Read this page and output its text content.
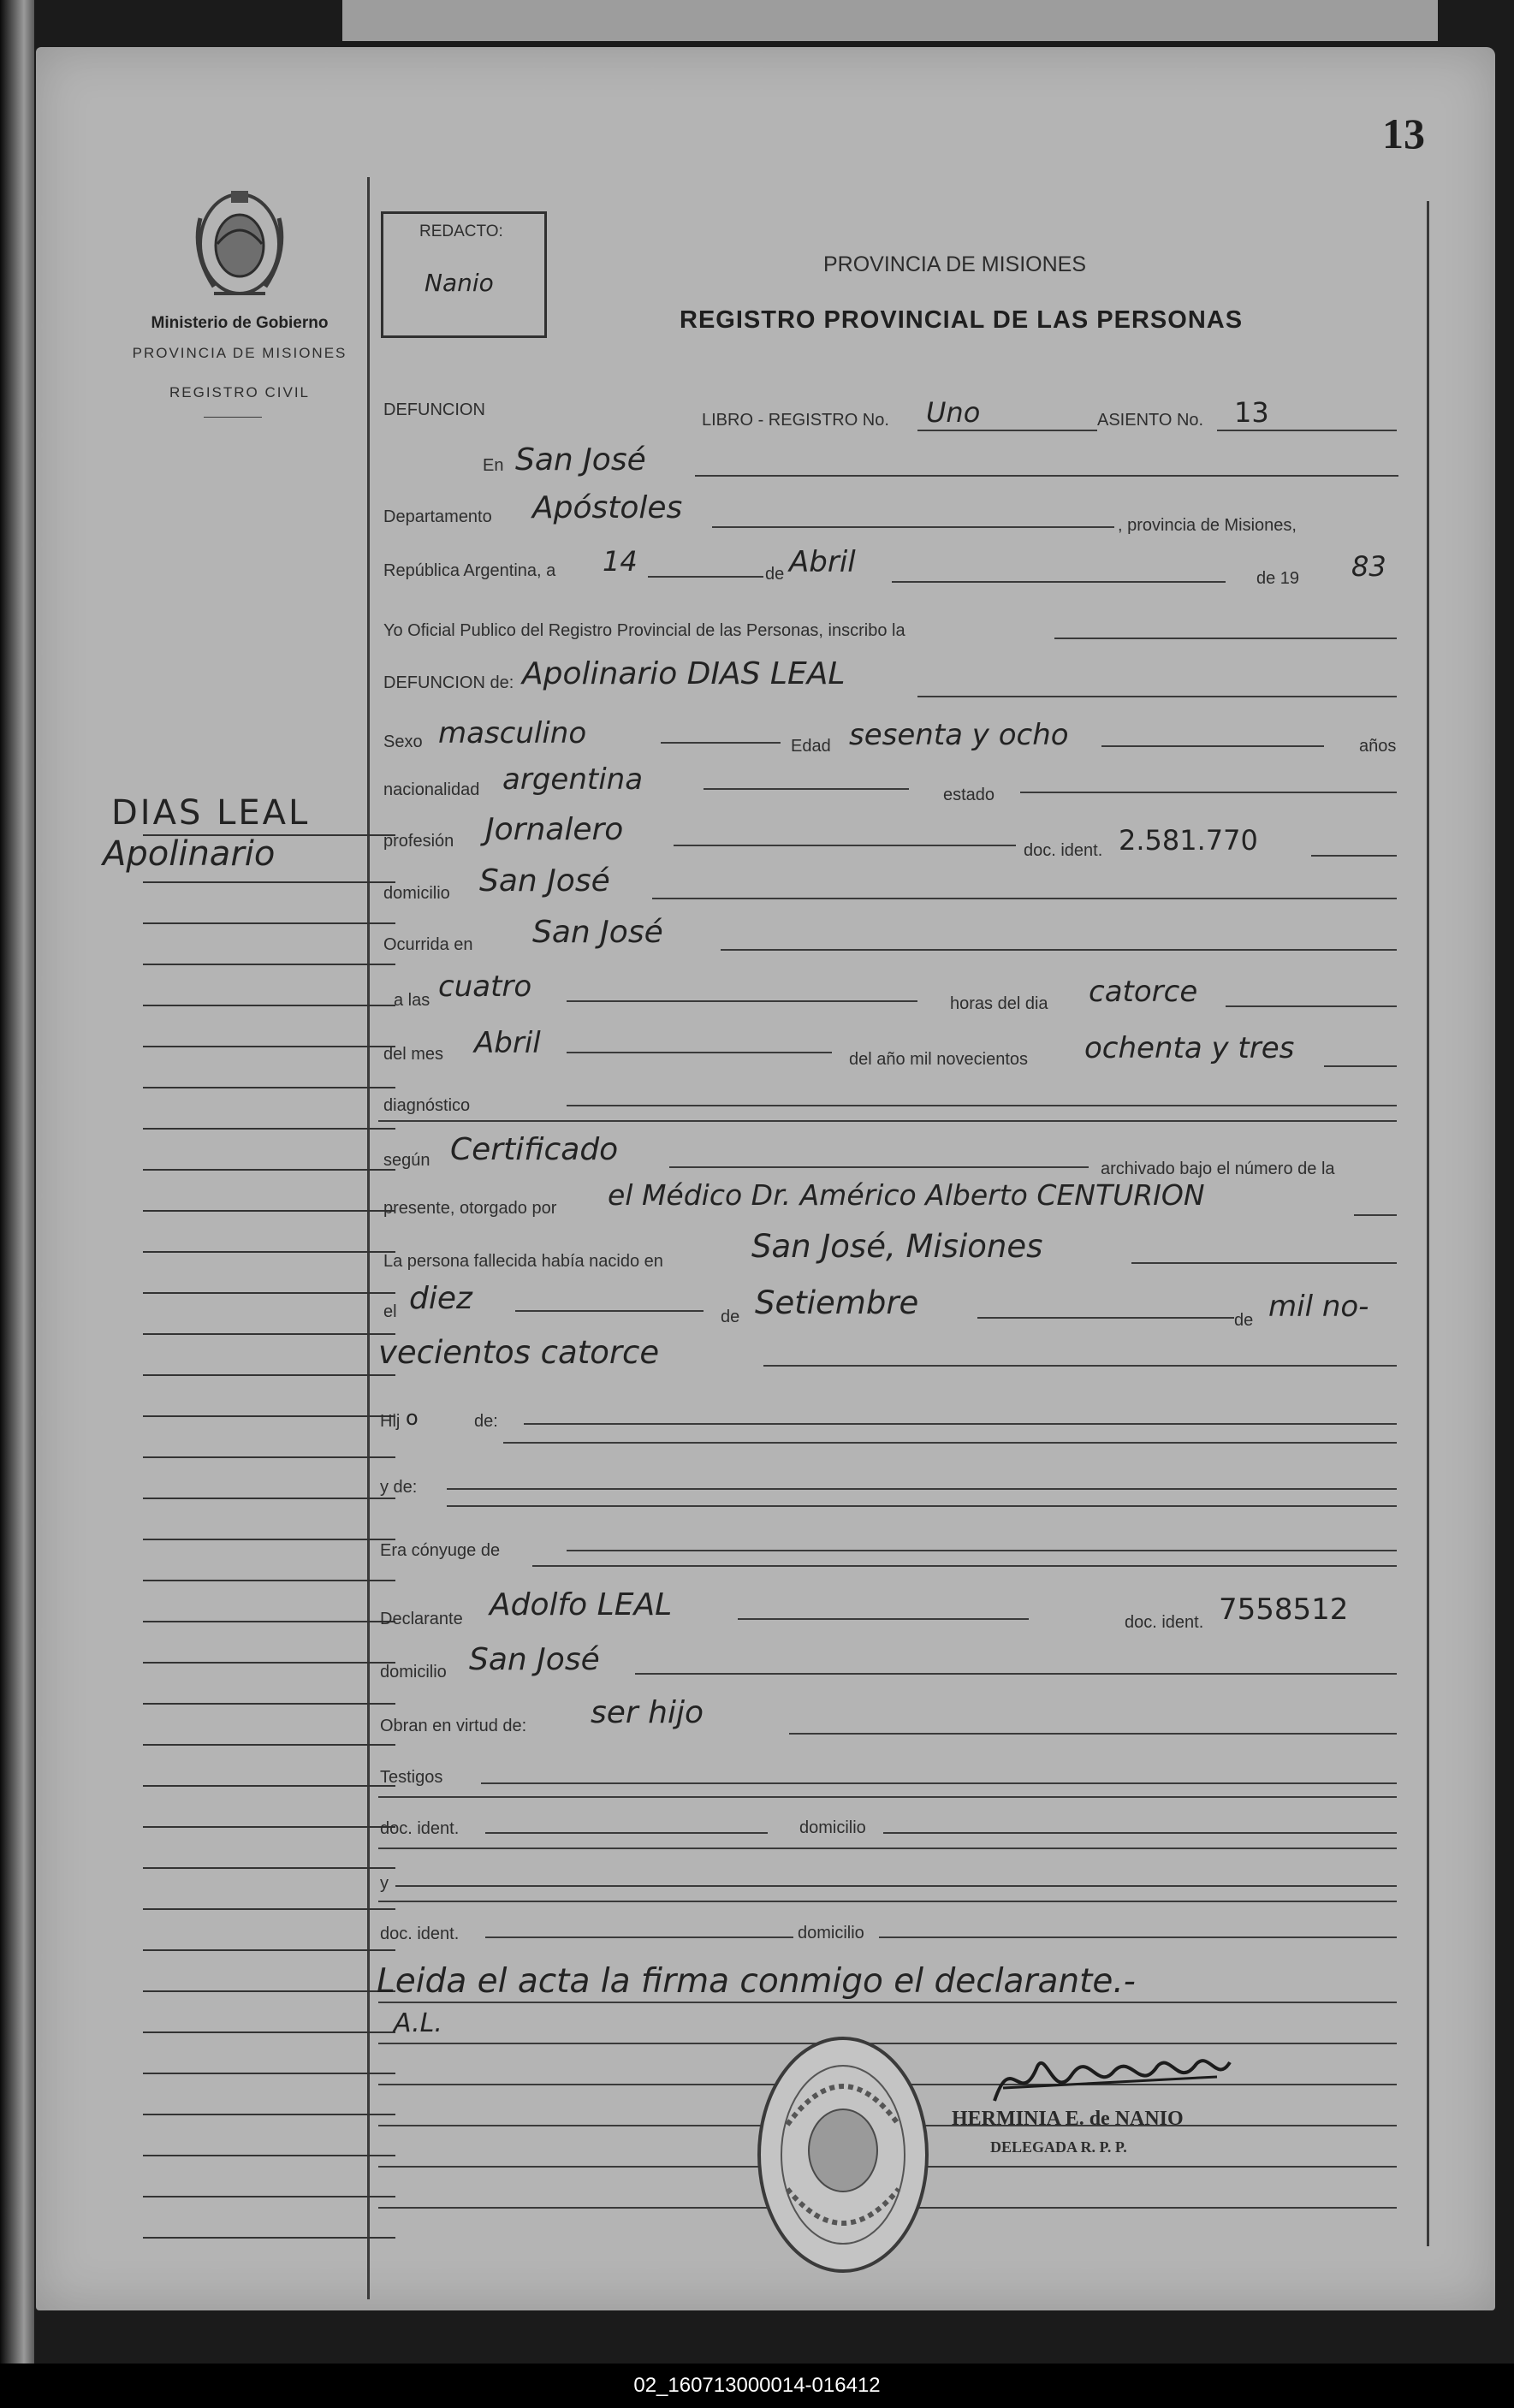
13
Ministerio de Gobierno
PROVINCIA DE MISIONES
REGISTRO CIVIL
REDACTO:
Nanio
PROVINCIA DE MISIONES
REGISTRO PROVINCIAL DE LAS PERSONAS
DIAS LEAL
Apolinario
DEFUNCION
LIBRO - REGISTRO No. Uno	ASIENTO No. 13
En San José
Departamento Apóstoles	, provincia de Misiones,
República Argentina, a 14	de Abril	de 19 83
Yo Oficial Publico del Registro Provincial de las Personas, inscribo la
DEFUNCION de: Apolinario DIAS LEAL
Sexo masculino	Edad sesenta y ocho	años
nacionalidad argentina	estado
profesión Jornalero
doc. ident. 2.581.770
domicilio San José
Ocurrida en San José
a las cuatro	horas del dia catorce
del mes Abril	del año mil novecientos ochenta y tres
diagnóstico
según Certificado
archivado bajo el número de la
presente, otorgado por el Médico Dr. Américo Alberto CENTURION
La persona fallecida había nacido en	San José, Misiones
el diez
de Setiembre	de mil no-
vecientos catorce
Hij o	de:
y de:
Era cónyuge de
Declarante Adolfo LEAL	doc. ident. 7558512
domicilio San José
Obran en virtud de: ser hijo
Testigos
doc. ident.	domicilio
y
doc. ident.	domicilio
Leida el acta la firma conmigo el declarante.-
A.L.
HERMINIA E. de NANIO
DELEGADA R. P. P.
02_160713000014-016412
